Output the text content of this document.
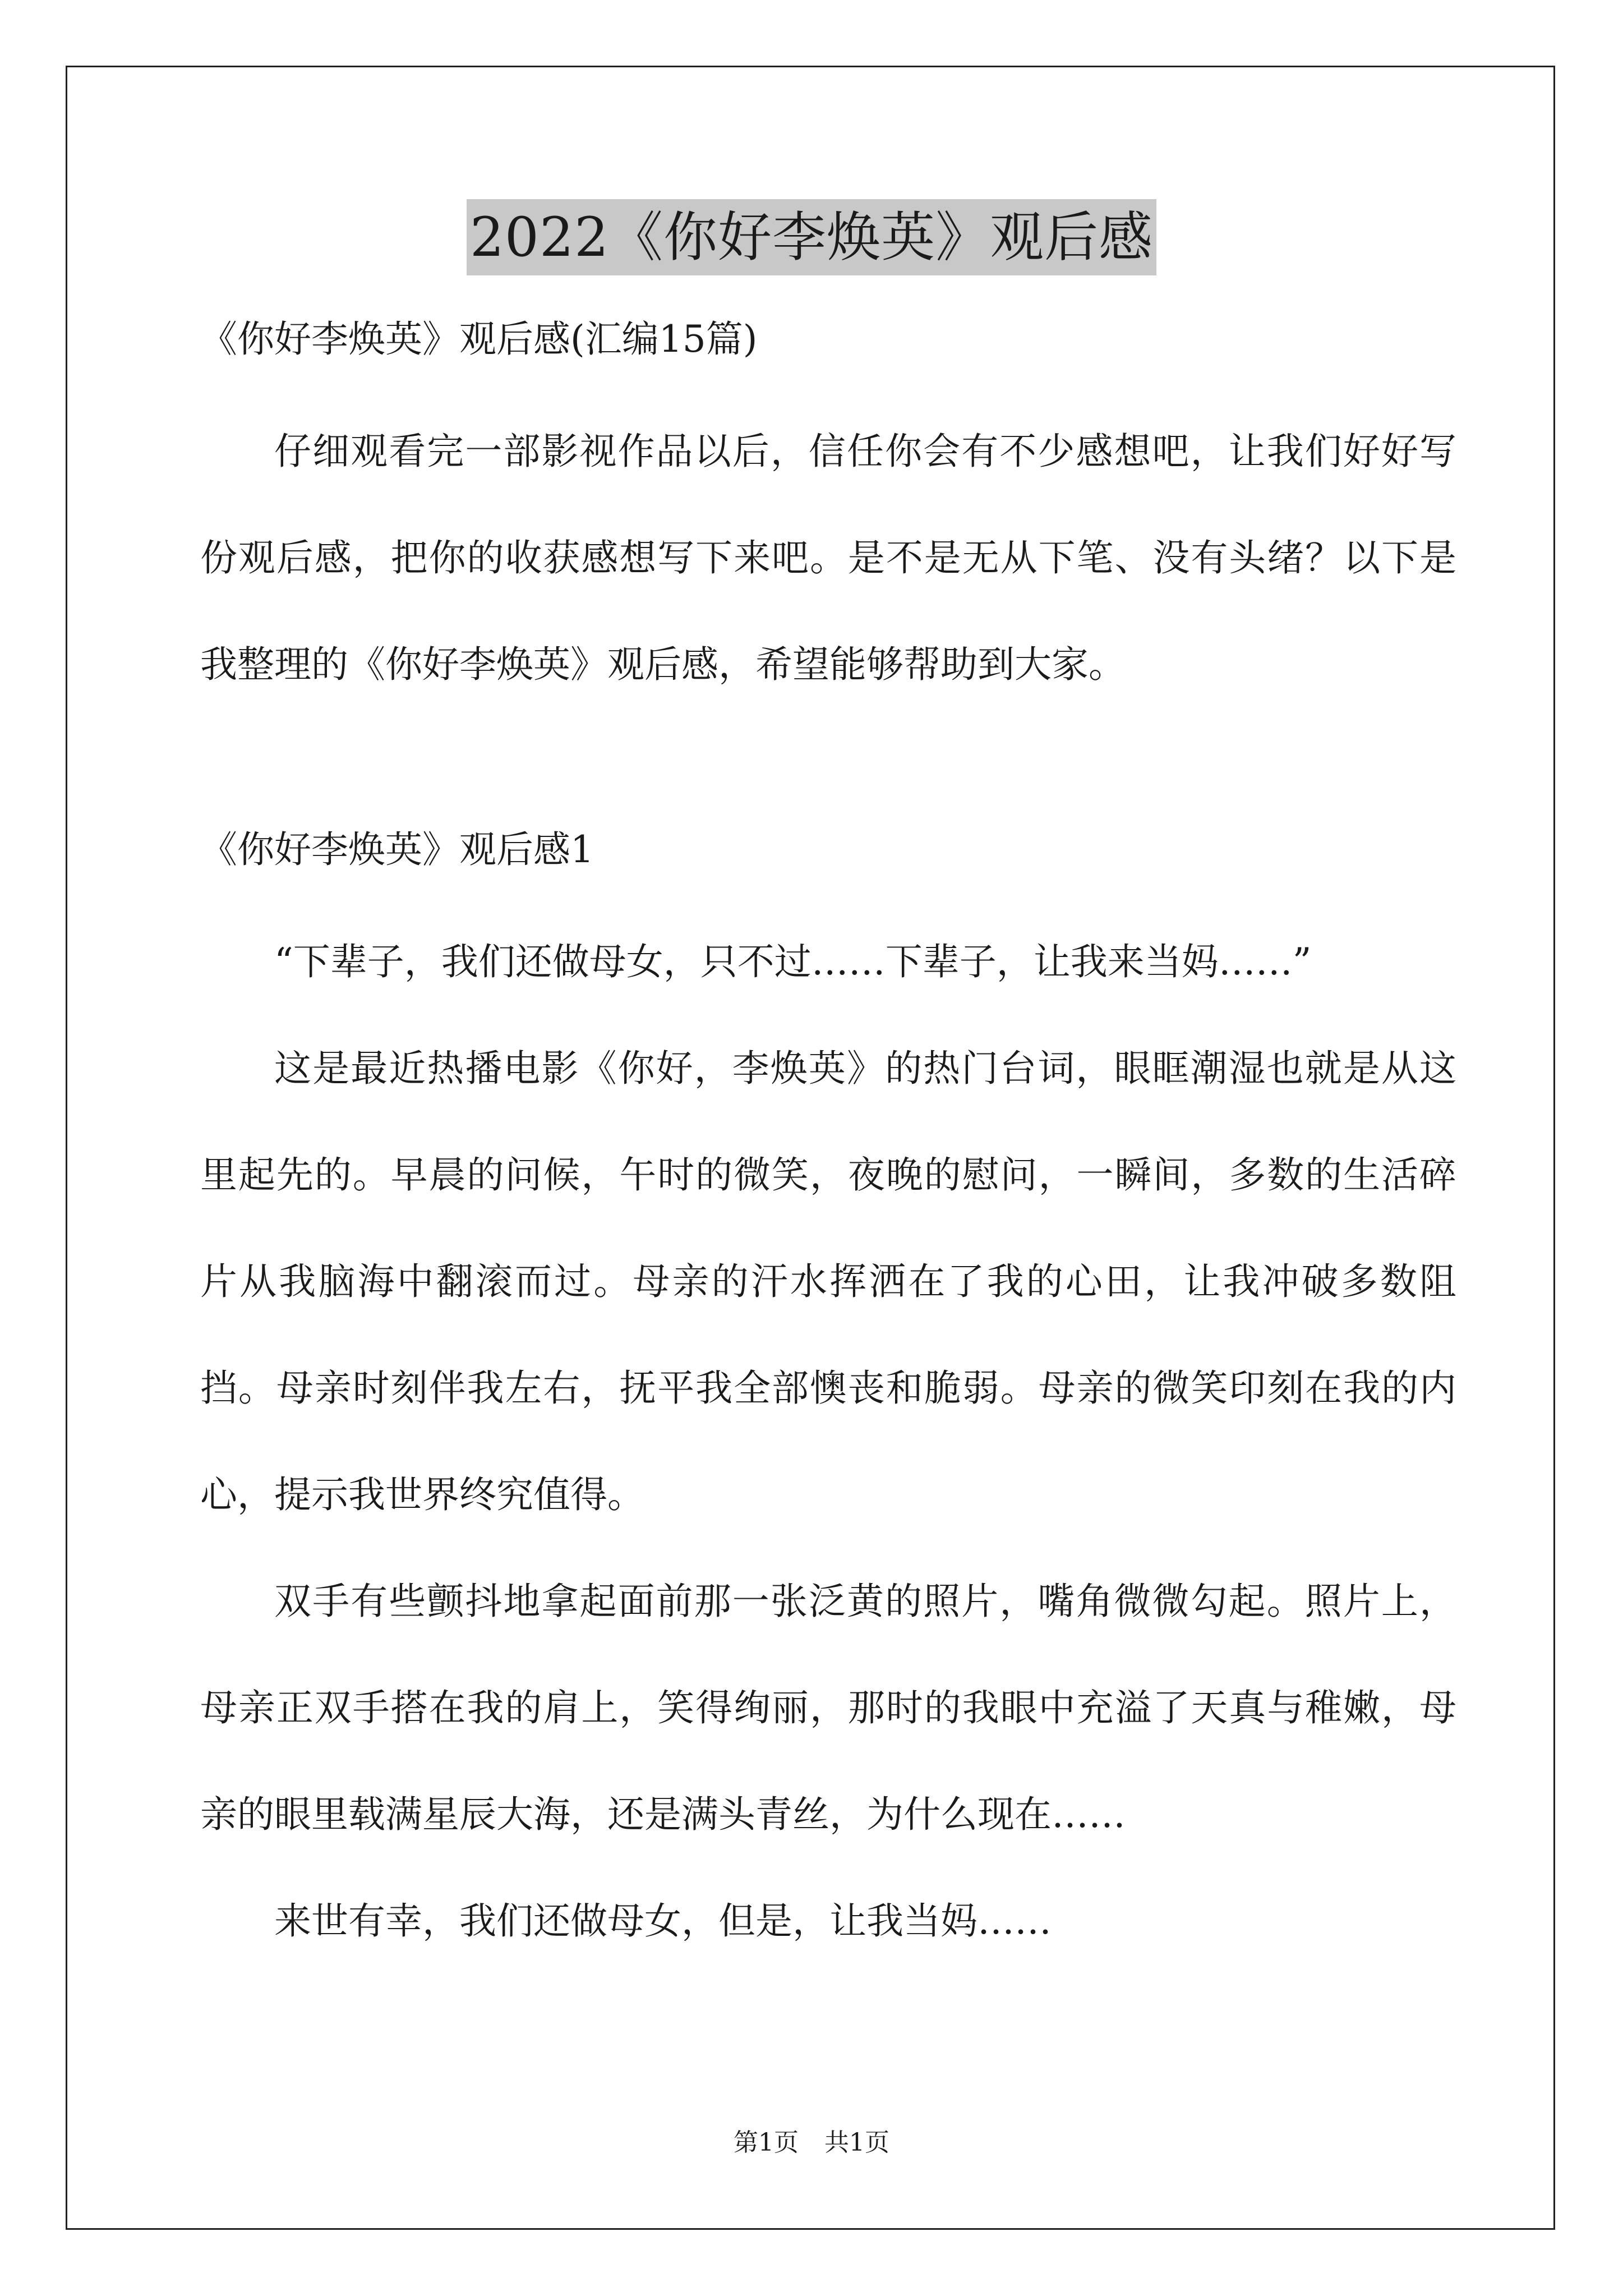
2022《你好李焕英》观后感

《你好李焕英》观后感(汇编15篇)

仔细观看完一部影视作品以后，信任你会有不少感想吧，让我们好好写份观后感，把你的收获感想写下来吧。是不是无从下笔、没有头绪？以下是我整理的《你好李焕英》观后感，希望能够帮助到大家。

《你好李焕英》观后感1

“下辈子，我们还做母女，只不过……下辈子，让我来当妈……”

这是最近热播电影《你好，李焕英》的热门台词，眼眶潮湿也就是从这里起先的。早晨的问候，午时的微笑，夜晚的慰问，一瞬间，多数的生活碎片从我脑海中翻滚而过。母亲的汗水挥洒在了我的心田，让我冲破多数阻挡。母亲时刻伴我左右，抚平我全部懊丧和脆弱。母亲的微笑印刻在我的内心，提示我世界终究值得。

双手有些颤抖地拿起面前那一张泛黄的照片，嘴角微微勾起。照片上，母亲正双手搭在我的肩上，笑得绚丽，那时的我眼中充溢了天真与稚嫩，母亲的眼里载满星辰大海，还是满头青丝，为什么现在……

来世有幸，我们还做母女，但是，让我当妈……

第1页 共1页
